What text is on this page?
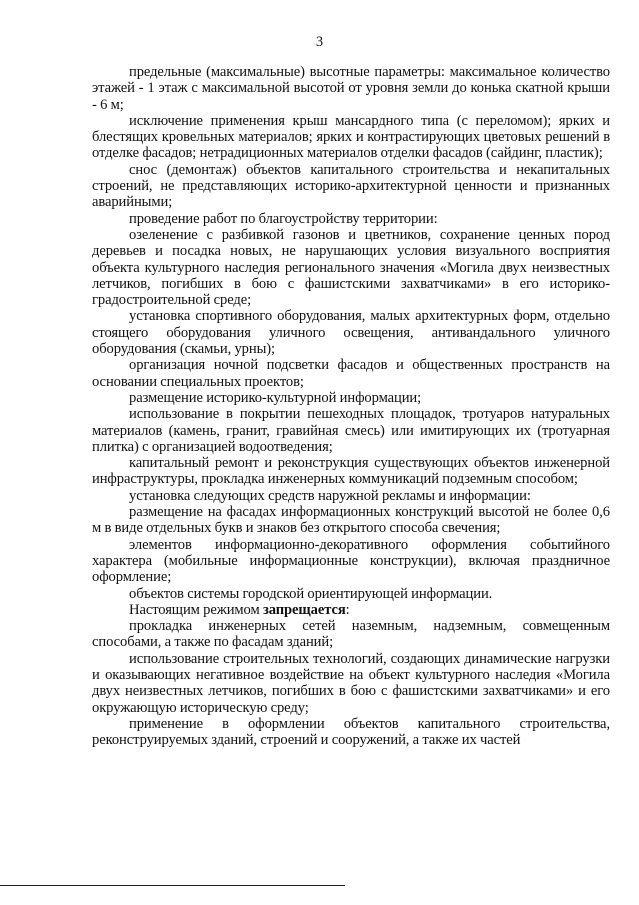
3

предельные (максимальные) высотные параметры: максимальное количество этажей - 1 этаж с максимальной высотой от уровня земли до конька скатной крыши - 6 м;

исключение применения крыш мансардного типа (с переломом); ярких и блестящих кровельных материалов; ярких и контрастирующих цветовых решений в отделке фасадов; нетрадиционных материалов отделки фасадов (сайдинг, пластик);

снос (демонтаж) объектов капитального строительства и некапитальных строений, не представляющих историко-архитектурной ценности и признанных аварийными;

проведение работ по благоустройству территории:

озеленение с разбивкой газонов и цветников, сохранение ценных пород деревьев и посадка новых, не нарушающих условия визуального восприятия объекта культурного наследия регионального значения «Могила двух неизвестных летчиков, погибших в бою с фашистскими захватчиками» в его историко-градостроительной среде;

установка спортивного оборудования, малых архитектурных форм, отдельно стоящего оборудования уличного освещения, антивандального уличного оборудования (скамьи, урны);

организация ночной подсветки фасадов и общественных пространств на основании специальных проектов;

размещение историко-культурной информации;

использование в покрытии пешеходных площадок, тротуаров натуральных материалов (камень, гранит, гравийная смесь) или имитирующих их (тротуарная плитка) с организацией водоотведения;

капитальный ремонт и реконструкция существующих объектов инженерной инфраструктуры, прокладка инженерных коммуникаций подземным способом;

установка следующих средств наружной рекламы и информации:

размещение на фасадах информационных конструкций высотой не более 0,6 м в виде отдельных букв и знаков без открытого способа свечения;

элементов информационно-декоративного оформления событийного характера (мобильные информационные конструкции), включая праздничное оформление;

объектов системы городской ориентирующей информации.

Настоящим режимом запрещается:

прокладка инженерных сетей наземным, надземным, совмещенным способами, а также по фасадам зданий;

использование строительных технологий, создающих динамические нагрузки и оказывающих негативное воздействие на объект культурного наследия «Могила двух неизвестных летчиков, погибших в бою с фашистскими захватчиками» и его окружающую историческую среду;

применение в оформлении объектов капитального строительства, реконструируемых зданий, строений и сооружений, а также их частей
